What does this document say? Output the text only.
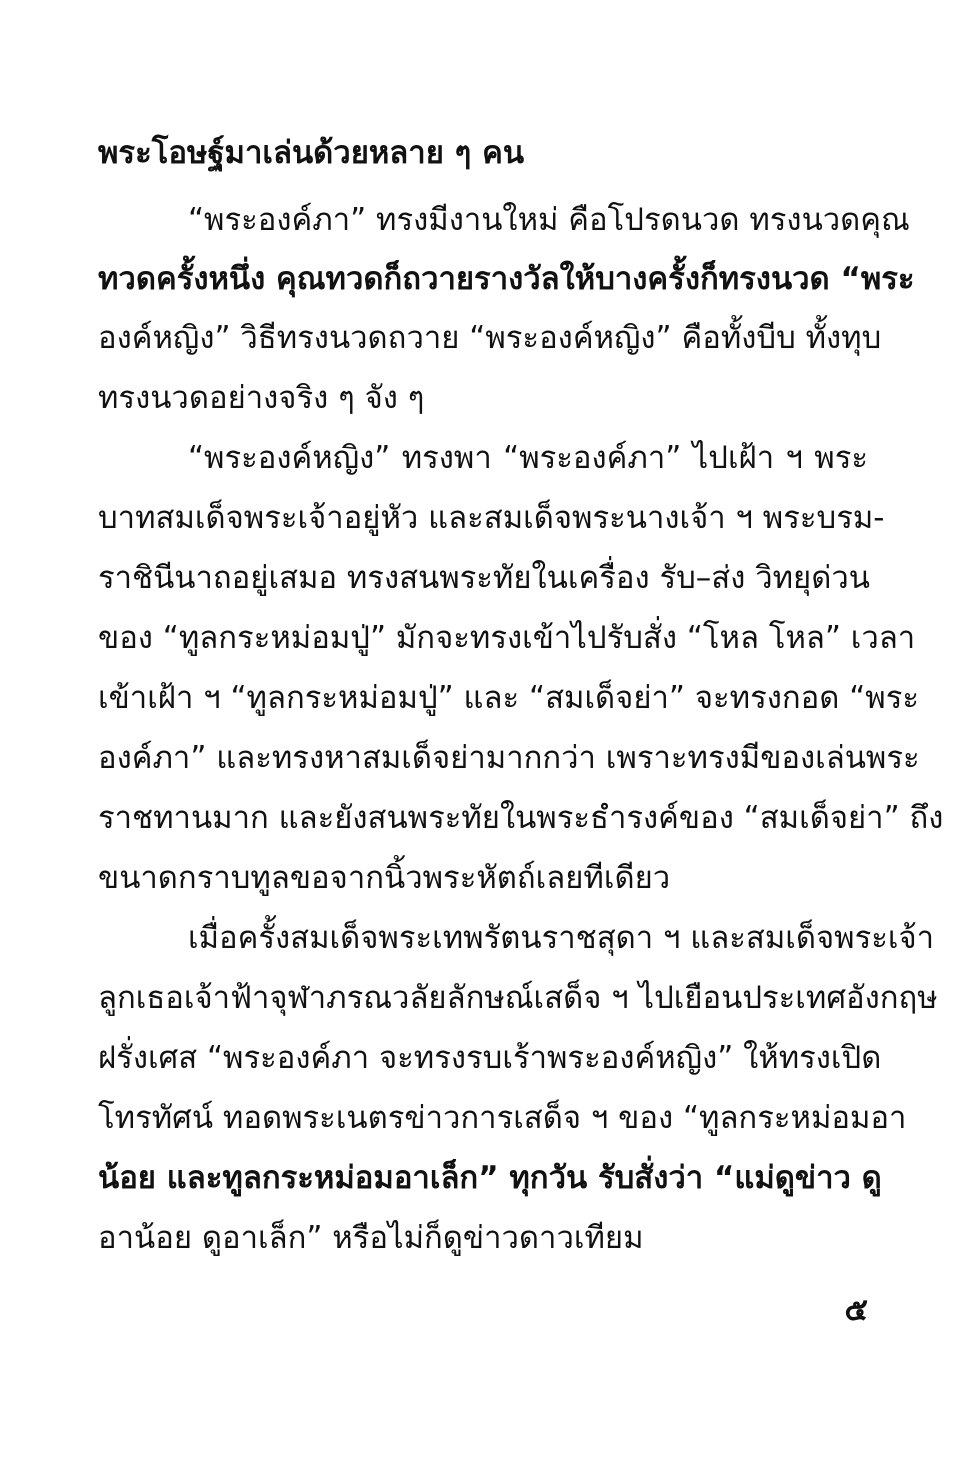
พระโอษฐ์มาเล่นด้วยหลาย ๆ คน
“พระองค์ภา” ทรงมีงานใหม่ คือโปรดนวด ทรงนวดคุณ
ทวดครั้งหนึ่ง คุณทวดก็ถวายรางวัลให้บางครั้งก็ทรงนวด “พระ
องค์หญิง” วิธีทรงนวดถวาย “พระองค์หญิง” คือทั้งบีบ ทั้งทุบ
ทรงนวดอย่างจริง ๆ จัง ๆ
“พระองค์หญิง” ทรงพา “พระองค์ภา” ไปเฝ้า ฯ พระ
บาทสมเด็จพระเจ้าอยู่หัว และสมเด็จพระนางเจ้า ฯ พระบรม-
ราชินีนาถอยู่เสมอ ทรงสนพระทัยในเครื่อง รับ–ส่ง วิทยุด่วน
ของ “ทูลกระหม่อมปู่” มักจะทรงเข้าไปรับสั่ง “โหล โหล” เวลา
เข้าเฝ้า ฯ “ทูลกระหม่อมปู่” และ “สมเด็จย่า” จะทรงกอด “พระ
องค์ภา” และทรงหาสมเด็จย่ามากกว่า เพราะทรงมีของเล่นพระ
ราชทานมาก และยังสนพระทัยในพระธำรงค์ของ “สมเด็จย่า” ถึง
ขนาดกราบทูลขอจากนิ้วพระหัตถ์เลยทีเดียว
เมื่อครั้งสมเด็จพระเทพรัตนราชสุดา ฯ และสมเด็จพระเจ้า
ลูกเธอเจ้าฟ้าจุฬาภรณวลัยลักษณ์เสด็จ ฯ ไปเยือนประเทศอังกฤษ
ฝรั่งเศส “พระองค์ภา จะทรงรบเร้าพระองค์หญิง” ให้ทรงเปิด
โทรทัศน์ ทอดพระเนตรข่าวการเสด็จ ฯ ของ “ทูลกระหม่อมอา
น้อย และทูลกระหม่อมอาเล็ก” ทุกวัน รับสั่งว่า “แม่ดูข่าว ดู
อาน้อย ดูอาเล็ก” หรือไม่ก็ดูข่าวดาวเทียม
๕
